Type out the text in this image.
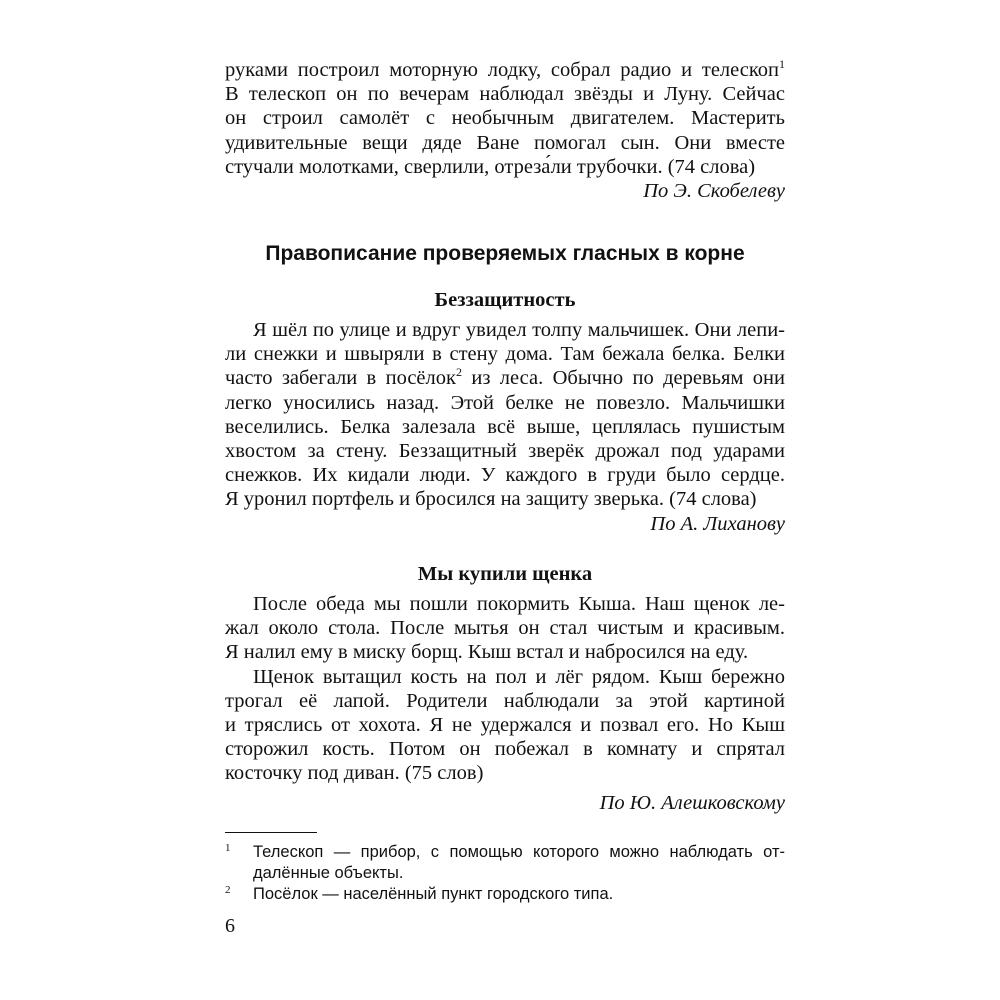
руками построил моторную лодку, собрал радио и телескоп$^1$
В телескоп он по вечерам наблюдал звёзды и Луну. Сейчас
он строил самолёт с необычным двигателем. Мастерить
удивительные вещи дяде Ване помогал сын. Они вместе
стучали молотками, сверлили, отреза́ли трубочки. (74 слова)
По Э. Скобелеву
Правописание проверяемых гласных в корне
Беззащитность
Я шёл по улице и вдруг увидел толпу мальчишек. Они лепи-
ли снежки и швыряли в стену дома. Там бежала белка. Белки
часто забегали в посёлок$^2$ из леса. Обычно по деревьям они
легко уносились назад. Этой белке не повезло. Мальчишки
веселились. Белка залезала всё выше, цеплялась пушистым
хвостом за стену. Беззащитный зверёк дрожал под ударами
снежков. Их кидали люди. У каждого в груди было сердце.
Я уронил портфель и бросился на защиту зверька. (74 слова)
По А. Лиханову
Мы купили щенка
После обеда мы пошли покормить Кыша. Наш щенок ле-
жал около стола. После мытья он стал чистым и красивым.
Я налил ему в миску борщ. Кыш встал и набросился на еду.
Щенок вытащил кость на пол и лёг рядом. Кыш бережно
трогал её лапой. Родители наблюдали за этой картиной
и тряслись от хохота. Я не удержался и позвал его. Но Кыш
сторожил кость. Потом он побежал в комнату и спрятал
косточку под диван. (75 слов)
По Ю. Алешковскому
1 Телескоп — прибор, с помощью которого можно наблюдать от-
далённые объекты.
2 Посёлок — населённый пункт городского типа.
6
